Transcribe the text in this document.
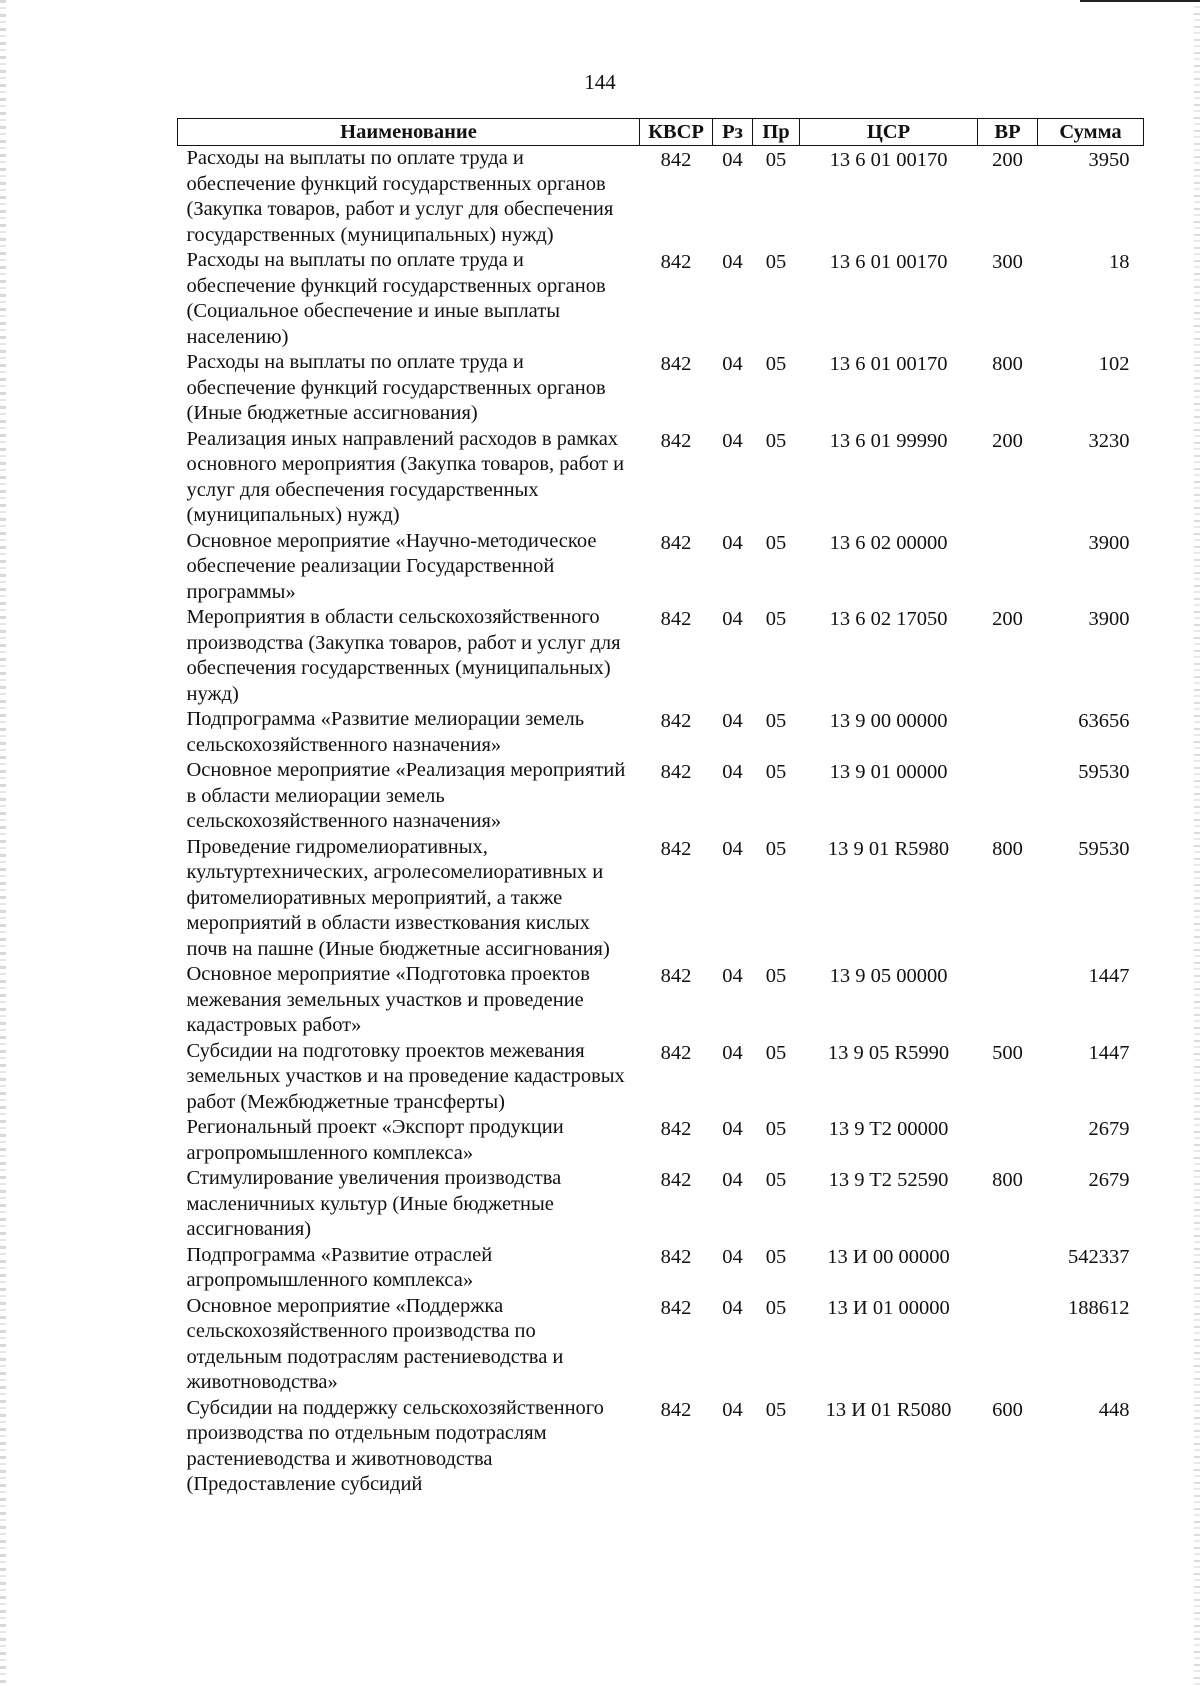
144
Наименование	КВСР	Рз	Пр	ЦСР	ВР	Сумма
Расходы на выплаты по оплате труда и обеспечение функций государственных органов (Закупка товаров, работ и услуг для обеспечения государственных (муниципальных) нужд)	842	04	05	13 6 01 00170	200	3950
Расходы на выплаты по оплате труда и обеспечение функций государственных органов (Социальное обеспечение и иные выплаты населению)	842	04	05	13 6 01 00170	300	18
Расходы на выплаты по оплате труда и обеспечение функций государственных органов (Иные бюджетные ассигнования)	842	04	05	13 6 01 00170	800	102
Реализация иных направлений расходов в рамках основного мероприятия (Закупка товаров, работ и услуг для обеспечения государственных (муниципальных) нужд)	842	04	05	13 6 01 99990	200	3230
Основное мероприятие «Научно-методическое обеспечение реализации Государственной программы»	842	04	05	13 6 02 00000		3900
Мероприятия в области сельскохозяйственного производства (Закупка товаров, работ и услуг для обеспечения государственных (муниципальных) нужд)	842	04	05	13 6 02 17050	200	3900
Подпрограмма «Развитие мелиорации земель сельскохозяйственного назначения»	842	04	05	13 9 00 00000		63656
Основное мероприятие «Реализация мероприятий в области мелиорации земель сельскохозяйственного назначения»	842	04	05	13 9 01 00000		59530
Проведение гидромелиоративных, культуртехнических, агролесомелиоративных и фитомелиоративных мероприятий, а также мероприятий в области известкования кислых почв на пашне (Иные бюджетные ассигнования)	842	04	05	13 9 01 R5980	800	59530
Основное мероприятие «Подготовка проектов межевания земельных участков и проведение кадастровых работ»	842	04	05	13 9 05 00000		1447
Субсидии на подготовку проектов межевания земельных участков и на проведение кадастровых работ (Межбюджетные трансферты)	842	04	05	13 9 05 R5990	500	1447
Региональный проект «Экспорт продукции агропромышленного комплекса»	842	04	05	13 9 T2 00000		2679
Стимулирование увеличения производства масленичниых культур (Иные бюджетные ассигнования)	842	04	05	13 9 T2 52590	800	2679
Подпрограмма «Развитие отраслей агропромышленного комплекса»	842	04	05	13 И 00 00000		542337
Основное мероприятие «Поддержка сельскохозяйственного производства по отдельным подотраслям растениеводства и животноводства»	842	04	05	13 И 01 00000		188612
Субсидии на поддержку сельскохозяйственного производства по отдельным подотраслям растениеводства и животноводства (Предоставление субсидий	842	04	05	13 И 01 R5080	600	448
